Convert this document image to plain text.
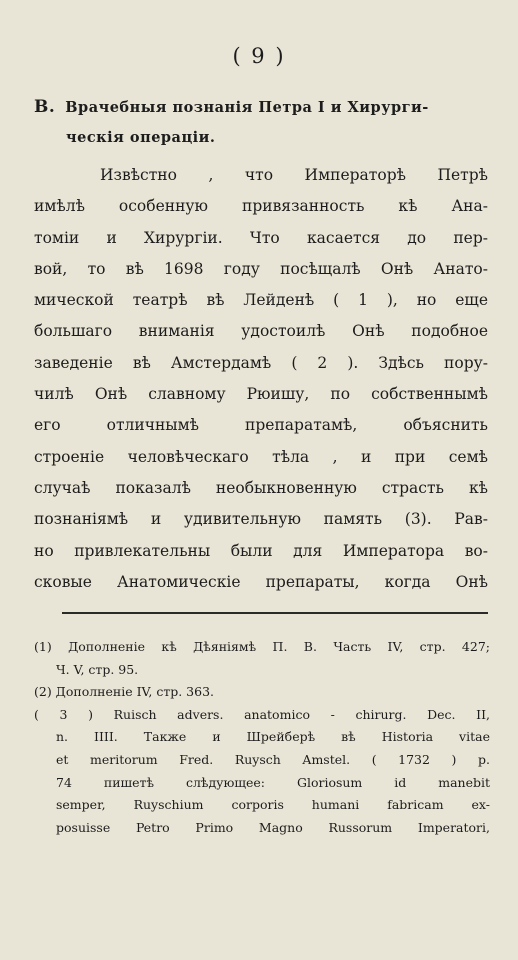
( 9 )
В. Врачебныя познанія Петра I и Хирурги-
ческія операціи.
Извѣстно , что Императорѣ Петрѣ
имѣлѣ особенную привязанность кѣ Ана-
томіи и Хирургіи. Что касается до пер-
вой, то вѣ 1698 году посѣщалѣ Онѣ Анато-
мической театрѣ вѣ Лейденѣ ( 1 ), но еще
большаго вниманія удостоилѣ Онѣ подобное
заведеніе вѣ Амстердамѣ ( 2 ). Здѣсь пору-
чилѣ Онѣ славному Рюишу, по собственнымѣ
его отличнымѣ препаратамѣ, объяснить
строеніе человѣческаго тѣла , и при семѣ
случаѣ показалѣ необыкновенную страсть кѣ
познаніямѣ и удивительную память (3). Рав-
но привлекательны были для Императора во-
сковые Анатомическіе препараты, когда Онѣ
(1) Дополненіе кѣ Дѣяніямѣ П. В. Часть IV, стр. 427;
Ч. V, стр. 95.
(2) Дополненіе IV, стр. 363.
( 3 ) Ruisch advers. anatomico - chirurg. Dec. II,
n. IIII. Также и Шрейберѣ вѣ Historia vitae
et meritorum Fred. Ruysch Amstel. ( 1732 ) p.
74 пишетѣ слѣдующее: Gloriosum id manebit
semper, Ruyschium corporis humani fabricam ex-
posuisse Petro Primo Magno Russorum Imperatori,
